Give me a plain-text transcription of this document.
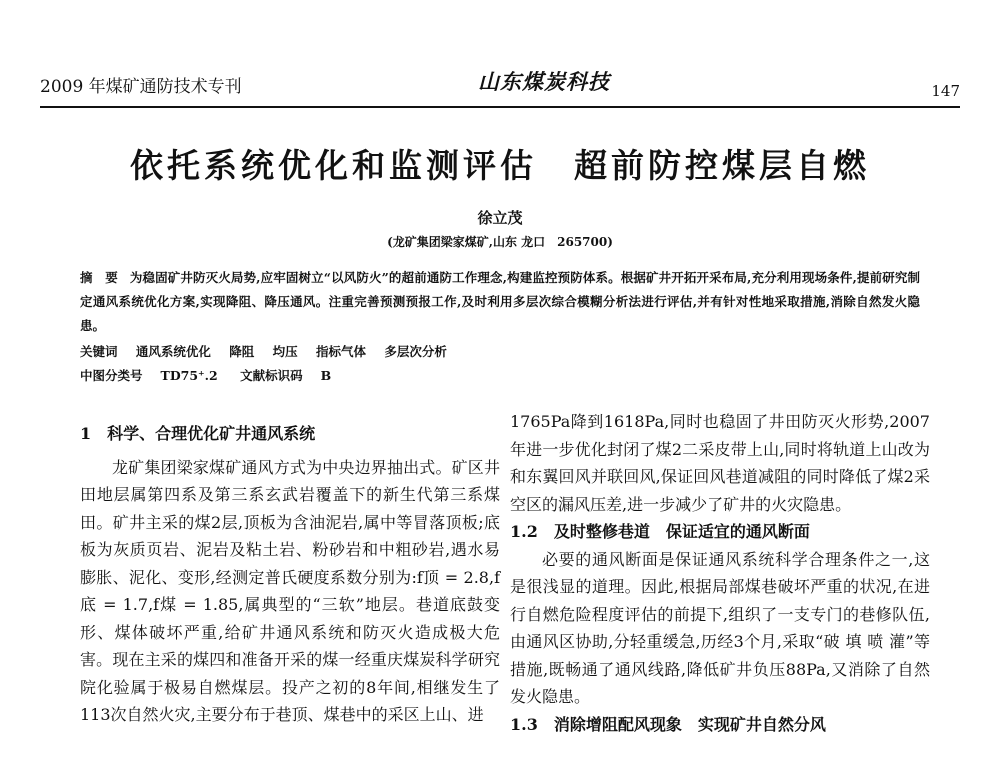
2009 年煤矿通防技术专刊	山东煤炭科技	147
依托系统优化和监测评估　超前防控煤层自燃
徐立茂
(龙矿集团梁家煤矿,山东 龙口　265700)
摘　要 为稳固矿井防灭火局势,应牢固树立“以风防火”的超前通防工作理念,构建监控预防体系。根据矿井开拓开采布局,充分利用现场条件,提前研究制定通风系统优化方案,实现降阻、降压通风。注重完善预测预报工作,及时利用多层次综合模糊分析法进行评估,并有针对性地采取措施,消除自然发火隐患。
关键词 通风系统优化 降阻 均压 指标气体 多层次分析
中图分类号 TD75⁺.2 文献标识码 B
1　科学、合理优化矿井通风系统

龙矿集团梁家煤矿通风方式为中央边界抽出式。矿区井田地层属第四系及第三系玄武岩覆盖下的新生代第三系煤田。矿井主采的煤2层,顶板为含油泥岩,属中等冒落顶板;底板为灰质页岩、泥岩及粘土岩、粉砂岩和中粗砂岩,遇水易膨胀、泥化、变形,经测定普氏硬度系数分别为:f顶 = 2.8,f底 = 1.7,f煤 = 1.85,属典型的“三软”地层。巷道底鼓变形、煤体破坏严重,给矿井通风系统和防灭火造成极大危害。现在主采的煤四和准备开采的煤一经重庆煤炭科学研究院化验属于极易自燃煤层。投产之初的8年间,相继发生了113次自然火灾,主要分布于巷顶、煤巷中的采区上山、进

1765Pa降到1618Pa,同时也稳固了井田防灭火形势,2007年进一步优化封闭了煤2二采皮带上山,同时将轨道上山改为和东翼回风并联回风,保证回风巷道减阻的同时降低了煤2采空区的漏风压差,进一步减少了矿井的火灾隐患。

1.2　及时整修巷道　保证适宜的通风断面

必要的通风断面是保证通风系统科学合理条件之一,这是很浅显的道理。因此,根据局部煤巷破坏严重的状况,在进行自燃危险程度评估的前提下,组织了一支专门的巷修队伍,由通风区协助,分轻重缓急,历经3个月,采取“破 填 喷 灌”等措施,既畅通了通风线路,降低矿井负压88Pa,又消除了自然发火隐患。

1.3　消除增阻配风现象　实现矿井自然分风
